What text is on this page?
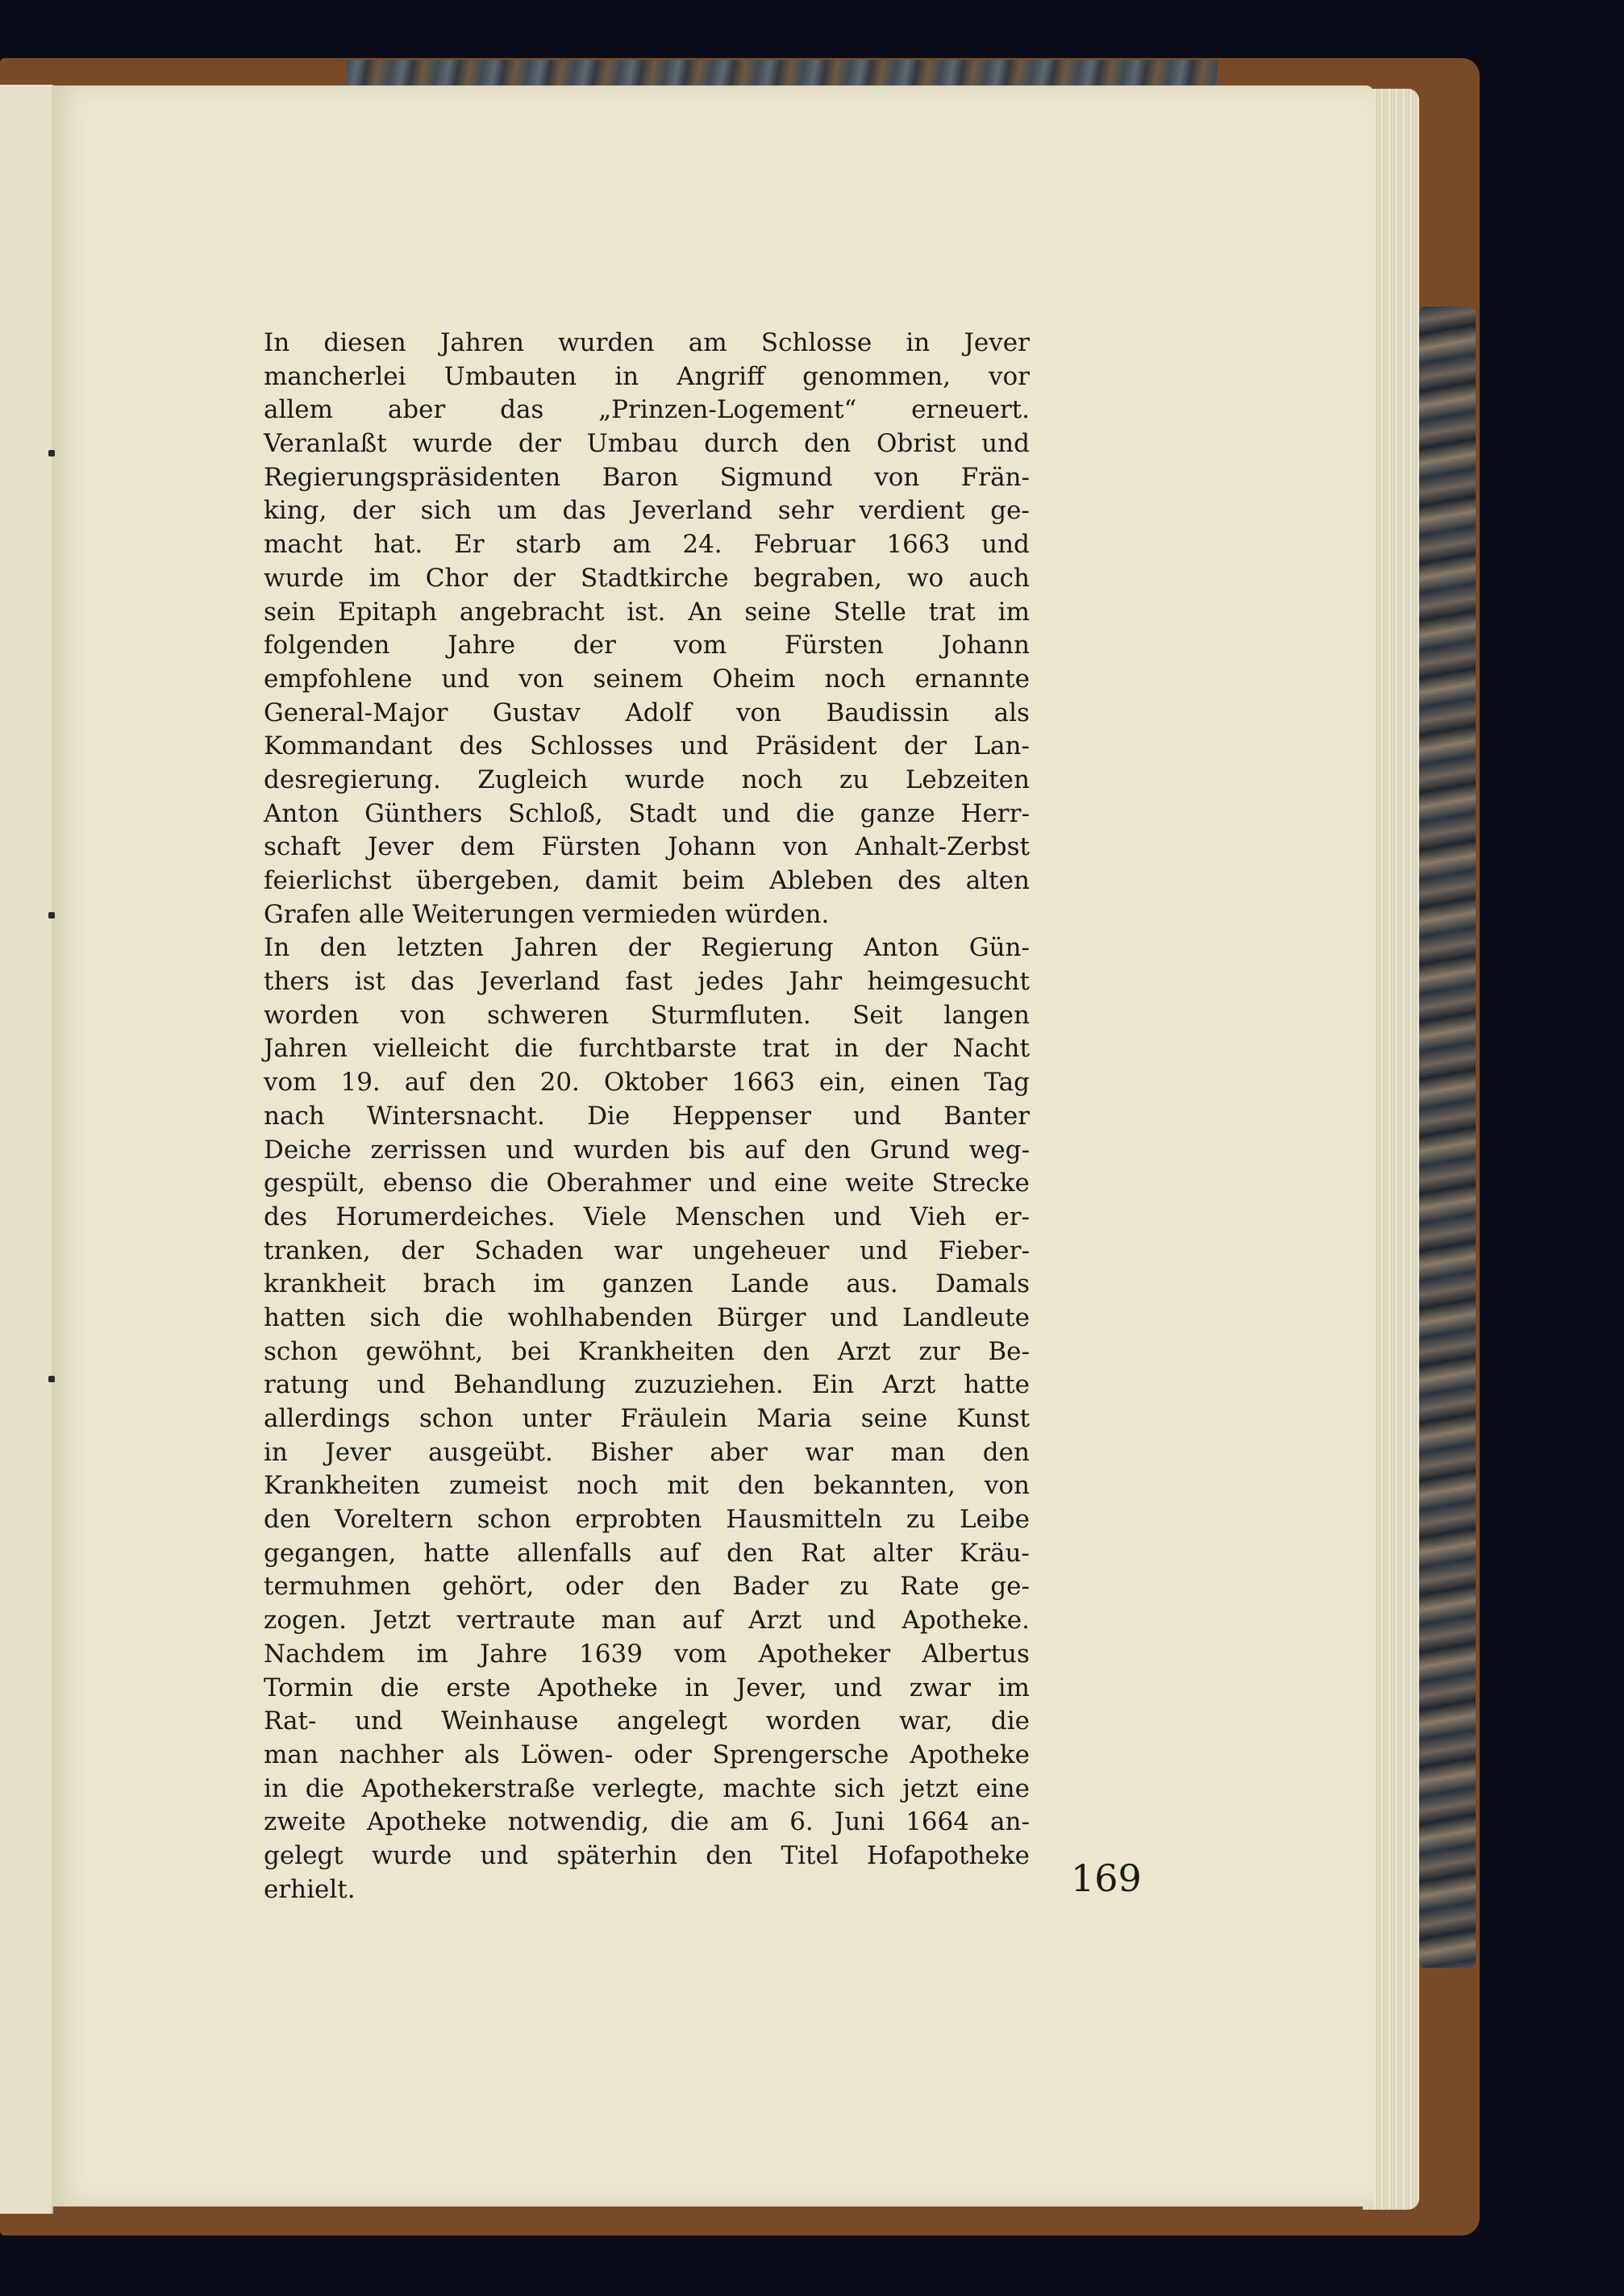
In diesen Jahren wurden am Schlosse in Jever
mancherlei Umbauten in Angriff genommen, vor
allem aber das „Prinzen-Logement“ erneuert.
Veranlaßt wurde der Umbau durch den Obrist und
Regierungspräsidenten Baron Sigmund von Frän-
king, der sich um das Jeverland sehr verdient ge-
macht hat. Er starb am 24. Februar 1663 und
wurde im Chor der Stadtkirche begraben, wo auch
sein Epitaph angebracht ist. An seine Stelle trat im
folgenden Jahre der vom Fürsten Johann
empfohlene und von seinem Oheim noch ernannte
General-Major Gustav Adolf von Baudissin als
Kommandant des Schlosses und Präsident der Lan-
desregierung. Zugleich wurde noch zu Lebzeiten
Anton Günthers Schloß, Stadt und die ganze Herr-
schaft Jever dem Fürsten Johann von Anhalt-Zerbst
feierlichst übergeben, damit beim Ableben des alten
Grafen alle Weiterungen vermieden würden.
In den letzten Jahren der Regierung Anton Gün-
thers ist das Jeverland fast jedes Jahr heimgesucht
worden von schweren Sturmfluten. Seit langen
Jahren vielleicht die furchtbarste trat in der Nacht
vom 19. auf den 20. Oktober 1663 ein, einen Tag
nach Wintersnacht. Die Heppenser und Banter
Deiche zerrissen und wurden bis auf den Grund weg-
gespült, ebenso die Oberahmer und eine weite Strecke
des Horumerdeiches. Viele Menschen und Vieh er-
tranken, der Schaden war ungeheuer und Fieber-
krankheit brach im ganzen Lande aus. Damals
hatten sich die wohlhabenden Bürger und Landleute
schon gewöhnt, bei Krankheiten den Arzt zur Be-
ratung und Behandlung zuzuziehen. Ein Arzt hatte
allerdings schon unter Fräulein Maria seine Kunst
in Jever ausgeübt. Bisher aber war man den
Krankheiten zumeist noch mit den bekannten, von
den Voreltern schon erprobten Hausmitteln zu Leibe
gegangen, hatte allenfalls auf den Rat alter Kräu-
termuhmen gehört, oder den Bader zu Rate ge-
zogen. Jetzt vertraute man auf Arzt und Apotheke.
Nachdem im Jahre 1639 vom Apotheker Albertus
Tormin die erste Apotheke in Jever, und zwar im
Rat- und Weinhause angelegt worden war, die
man nachher als Löwen- oder Sprengersche Apotheke
in die Apothekerstraße verlegte, machte sich jetzt eine
zweite Apotheke notwendig, die am 6. Juni 1664 an-
gelegt wurde und späterhin den Titel Hofapotheke
erhielt.	169
